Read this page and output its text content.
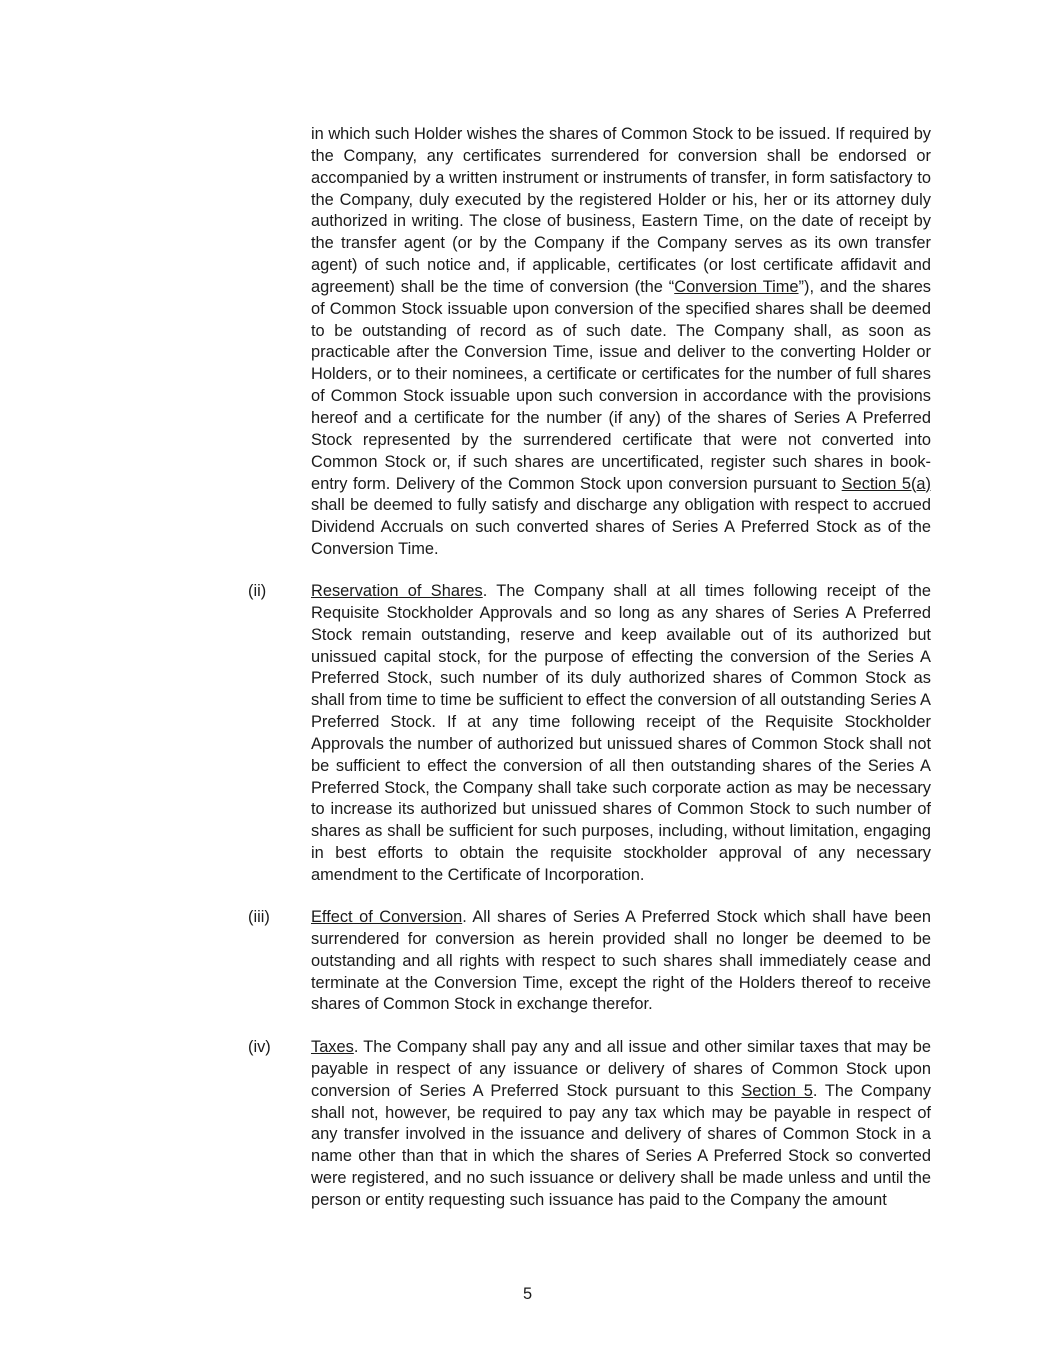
in which such Holder wishes the shares of Common Stock to be issued. If required by the Company, any certificates surrendered for conversion shall be endorsed or accompanied by a written instrument or instruments of transfer, in form satisfactory to the Company, duly executed by the registered Holder or his, her or its attorney duly authorized in writing. The close of business, Eastern Time, on the date of receipt by the transfer agent (or by the Company if the Company serves as its own transfer agent) of such notice and, if applicable, certificates (or lost certificate affidavit and agreement) shall be the time of conversion (the “Conversion Time”), and the shares of Common Stock issuable upon conversion of the specified shares shall be deemed to be outstanding of record as of such date. The Company shall, as soon as practicable after the Conversion Time, issue and deliver to the converting Holder or Holders, or to their nominees, a certificate or certificates for the number of full shares of Common Stock issuable upon such conversion in accordance with the provisions hereof and a certificate for the number (if any) of the shares of Series A Preferred Stock represented by the surrendered certificate that were not converted into Common Stock or, if such shares are uncertificated, register such shares in book-entry form. Delivery of the Common Stock upon conversion pursuant to Section 5(a) shall be deemed to fully satisfy and discharge any obligation with respect to accrued Dividend Accruals on such converted shares of Series A Preferred Stock as of the Conversion Time.

(ii)	Reservation of Shares. The Company shall at all times following receipt of the Requisite Stockholder Approvals and so long as any shares of Series A Preferred Stock remain outstanding, reserve and keep available out of its authorized but unissued capital stock, for the purpose of effecting the conversion of the Series A Preferred Stock, such number of its duly authorized shares of Common Stock as shall from time to time be sufficient to effect the conversion of all outstanding Series A Preferred Stock. If at any time following receipt of the Requisite Stockholder Approvals the number of authorized but unissued shares of Common Stock shall not be sufficient to effect the conversion of all then outstanding shares of the Series A Preferred Stock, the Company shall take such corporate action as may be necessary to increase its authorized but unissued shares of Common Stock to such number of shares as shall be sufficient for such purposes, including, without limitation, engaging in best efforts to obtain the requisite stockholder approval of any necessary amendment to the Certificate of Incorporation.

(iii)	Effect of Conversion. All shares of Series A Preferred Stock which shall have been surrendered for conversion as herein provided shall no longer be deemed to be outstanding and all rights with respect to such shares shall immediately cease and terminate at the Conversion Time, except the right of the Holders thereof to receive shares of Common Stock in exchange therefor.

(iv) Taxes. The Company shall pay any and all issue and other similar taxes that may be payable in respect of any issuance or delivery of shares of Common Stock upon conversion of Series A Preferred Stock pursuant to this Section 5. The Company shall not, however, be required to pay any tax which may be payable in respect of any transfer involved in the issuance and delivery of shares of Common Stock in a name other than that in which the shares of Series A Preferred Stock so converted were registered, and no such issuance or delivery shall be made unless and until the person or entity requesting such issuance has paid to the Company the amount

5
